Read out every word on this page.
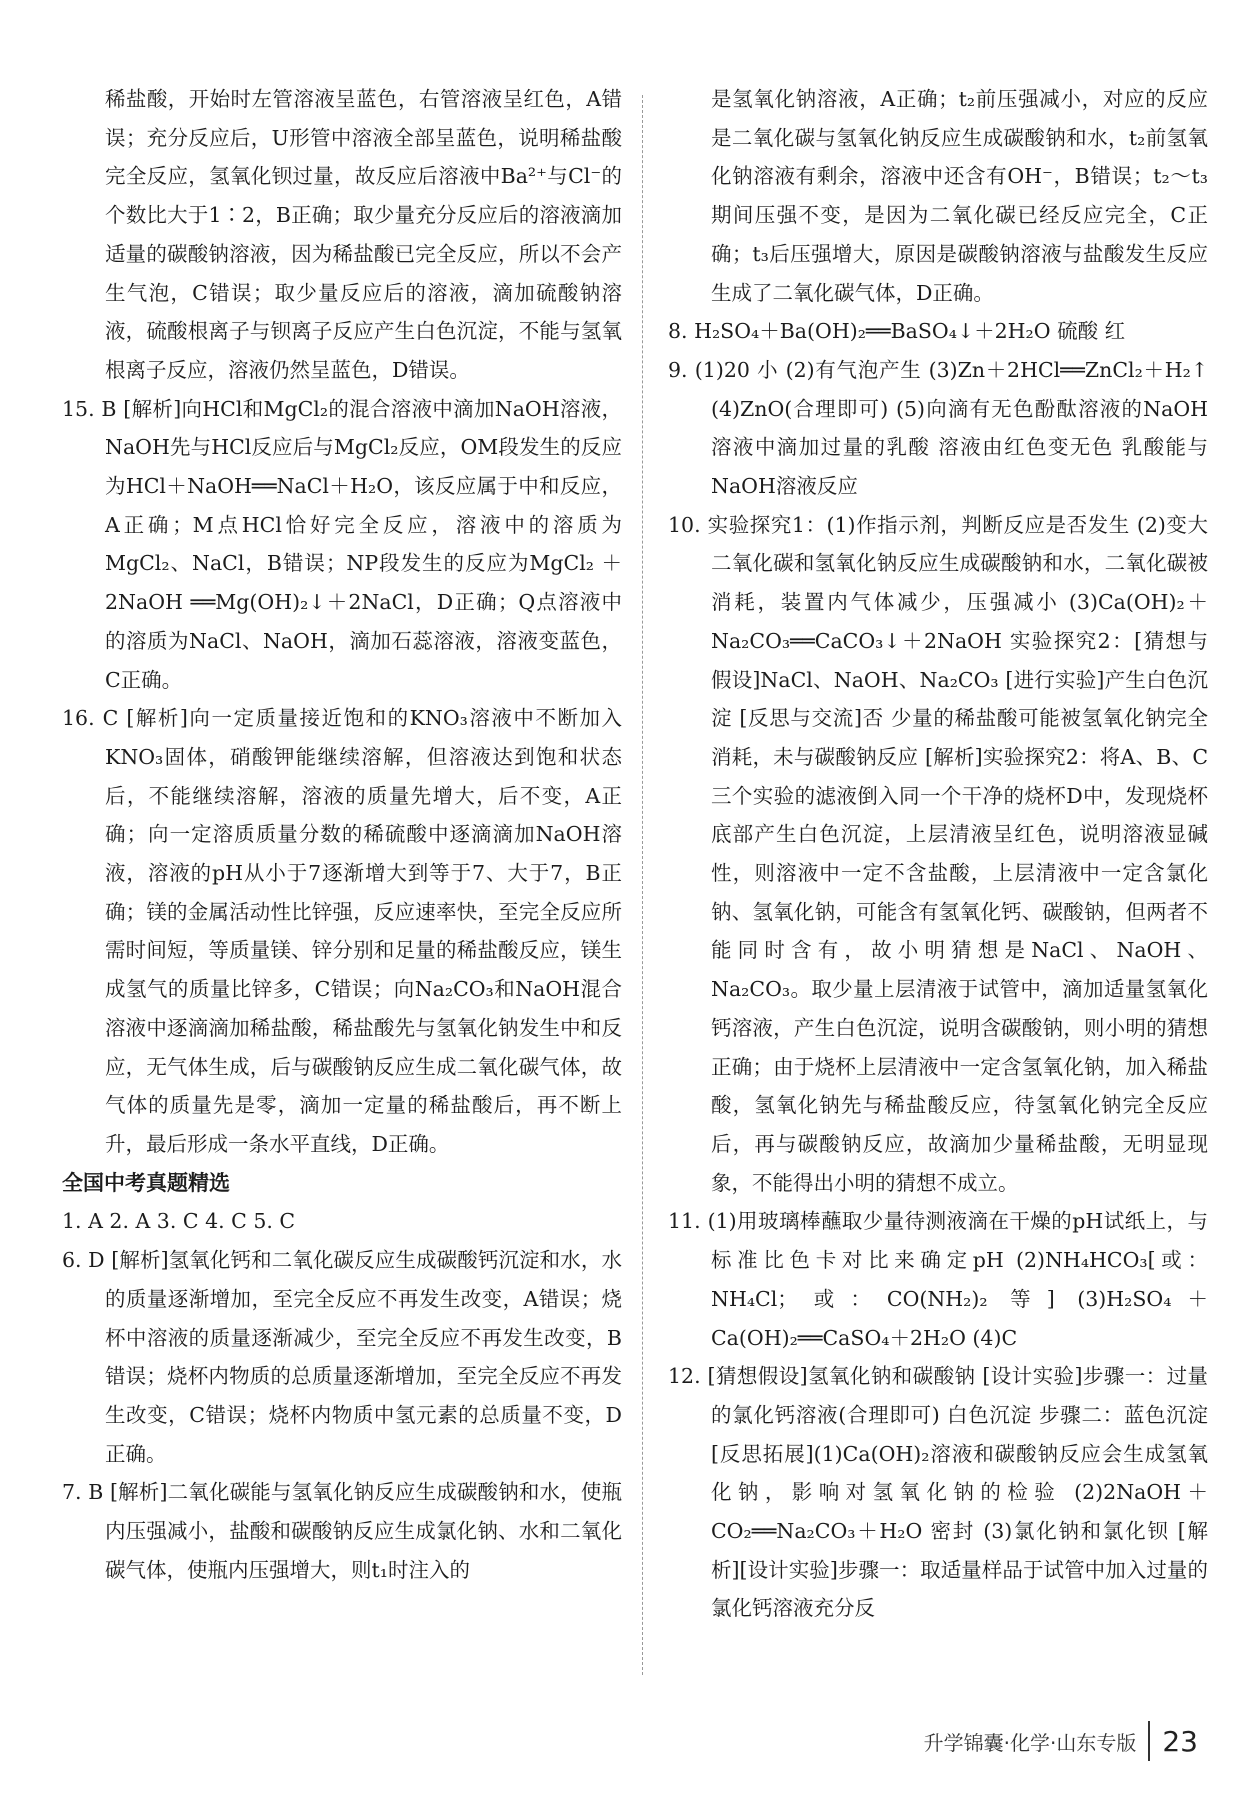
稀盐酸，开始时左管溶液呈蓝色，右管溶液呈红色，A错误；充分反应后，U形管中溶液全部呈蓝色，说明稀盐酸完全反应，氢氧化钡过量，故反应后溶液中Ba²⁺与Cl⁻的个数比大于1∶2，B正确；取少量充分反应后的溶液滴加适量的碳酸钠溶液，因为稀盐酸已完全反应，所以不会产生气泡，C错误；取少量反应后的溶液，滴加硫酸钠溶液，硫酸根离子与钡离子反应产生白色沉淀，不能与氢氧根离子反应，溶液仍然呈蓝色，D错误。

15. B [解析]向HCl和MgCl₂的混合溶液中滴加NaOH溶液，NaOH先与HCl反应后与MgCl₂反应，OM段发生的反应为HCl＋NaOH══NaCl＋H₂O，该反应属于中和反应，A正确；M点HCl恰好完全反应，溶液中的溶质为MgCl₂、NaCl，B错误；NP段发生的反应为MgCl₂ ＋ 2NaOH ══Mg(OH)₂↓＋2NaCl，D正确；Q点溶液中的溶质为NaCl、NaOH，滴加石蕊溶液，溶液变蓝色，C正确。

16. C [解析]向一定质量接近饱和的KNO₃溶液中不断加入KNO₃固体，硝酸钾能继续溶解，但溶液达到饱和状态后，不能继续溶解，溶液的质量先增大，后不变，A正确；向一定溶质质量分数的稀硫酸中逐滴滴加NaOH溶液，溶液的pH从小于7逐渐增大到等于7、大于7，B正确；镁的金属活动性比锌强，反应速率快，至完全反应所需时间短，等质量镁、锌分别和足量的稀盐酸反应，镁生成氢气的质量比锌多，C错误；向Na₂CO₃和NaOH混合溶液中逐滴滴加稀盐酸，稀盐酸先与氢氧化钠发生中和反应，无气体生成，后与碳酸钠反应生成二氧化碳气体，故气体的质量先是零，滴加一定量的稀盐酸后，再不断上升，最后形成一条水平直线，D正确。

全国中考真题精选

1. A 2. A 3. C 4. C 5. C

6. D [解析]氢氧化钙和二氧化碳反应生成碳酸钙沉淀和水，水的质量逐渐增加，至完全反应不再发生改变，A错误；烧杯中溶液的质量逐渐减少，至完全反应不再发生改变，B错误；烧杯内物质的总质量逐渐增加，至完全反应不再发生改变，C错误；烧杯内物质中氢元素的总质量不变，D正确。

7. B [解析]二氧化碳能与氢氧化钠反应生成碳酸钠和水，使瓶内压强减小，盐酸和碳酸钠反应生成氯化钠、水和二氧化碳气体，使瓶内压强增大，则t₁时注入的

是氢氧化钠溶液，A正确；t₂前压强减小，对应的反应是二氧化碳与氢氧化钠反应生成碳酸钠和水，t₂前氢氧化钠溶液有剩余，溶液中还含有OH⁻，B错误；t₂～t₃期间压强不变，是因为二氧化碳已经反应完全，C正确；t₃后压强增大，原因是碳酸钠溶液与盐酸发生反应生成了二氧化碳气体，D正确。

8. H₂SO₄＋Ba(OH)₂══BaSO₄↓＋2H₂O 硫酸 红

9. (1)20 小 (2)有气泡产生 (3)Zn＋2HCl══ZnCl₂＋H₂↑ (4)ZnO(合理即可) (5)向滴有无色酚酞溶液的NaOH溶液中滴加过量的乳酸 溶液由红色变无色 乳酸能与NaOH溶液反应

10. 实验探究1：(1)作指示剂，判断反应是否发生 (2)变大 二氧化碳和氢氧化钠反应生成碳酸钠和水，二氧化碳被消耗，装置内气体减少，压强减小 (3)Ca(OH)₂＋Na₂CO₃══CaCO₃↓＋2NaOH 实验探究2：[猜想与假设]NaCl、NaOH、Na₂CO₃ [进行实验]产生白色沉淀 [反思与交流]否 少量的稀盐酸可能被氢氧化钠完全消耗，未与碳酸钠反应 [解析]实验探究2：将A、B、C三个实验的滤液倒入同一个干净的烧杯D中，发现烧杯底部产生白色沉淀，上层清液呈红色，说明溶液显碱性，则溶液中一定不含盐酸，上层清液中一定含氯化钠、氢氧化钠，可能含有氢氧化钙、碳酸钠，但两者不能同时含有，故小明猜想是NaCl、NaOH、Na₂CO₃。取少量上层清液于试管中，滴加适量氢氧化钙溶液，产生白色沉淀，说明含碳酸钠，则小明的猜想正确；由于烧杯上层清液中一定含氢氧化钠，加入稀盐酸，氢氧化钠先与稀盐酸反应，待氢氧化钠完全反应后，再与碳酸钠反应，故滴加少量稀盐酸，无明显现象，不能得出小明的猜想不成立。

11. (1)用玻璃棒蘸取少量待测液滴在干燥的pH试纸上，与标准比色卡对比来确定pH (2)NH₄HCO₃[或：NH₄Cl；或：CO(NH₂)₂ 等] (3)H₂SO₄＋Ca(OH)₂══CaSO₄＋2H₂O (4)C

12. [猜想假设]氢氧化钠和碳酸钠 [设计实验]步骤一：过量的氯化钙溶液(合理即可) 白色沉淀 步骤二：蓝色沉淀 [反思拓展](1)Ca(OH)₂溶液和碳酸钠反应会生成氢氧化钠，影响对氢氧化钠的检验 (2)2NaOH＋CO₂══Na₂CO₃＋H₂O 密封 (3)氯化钠和氯化钡 [解析][设计实验]步骤一：取适量样品于试管中加入过量的氯化钙溶液充分反

升学锦囊·化学·山东专版 23
